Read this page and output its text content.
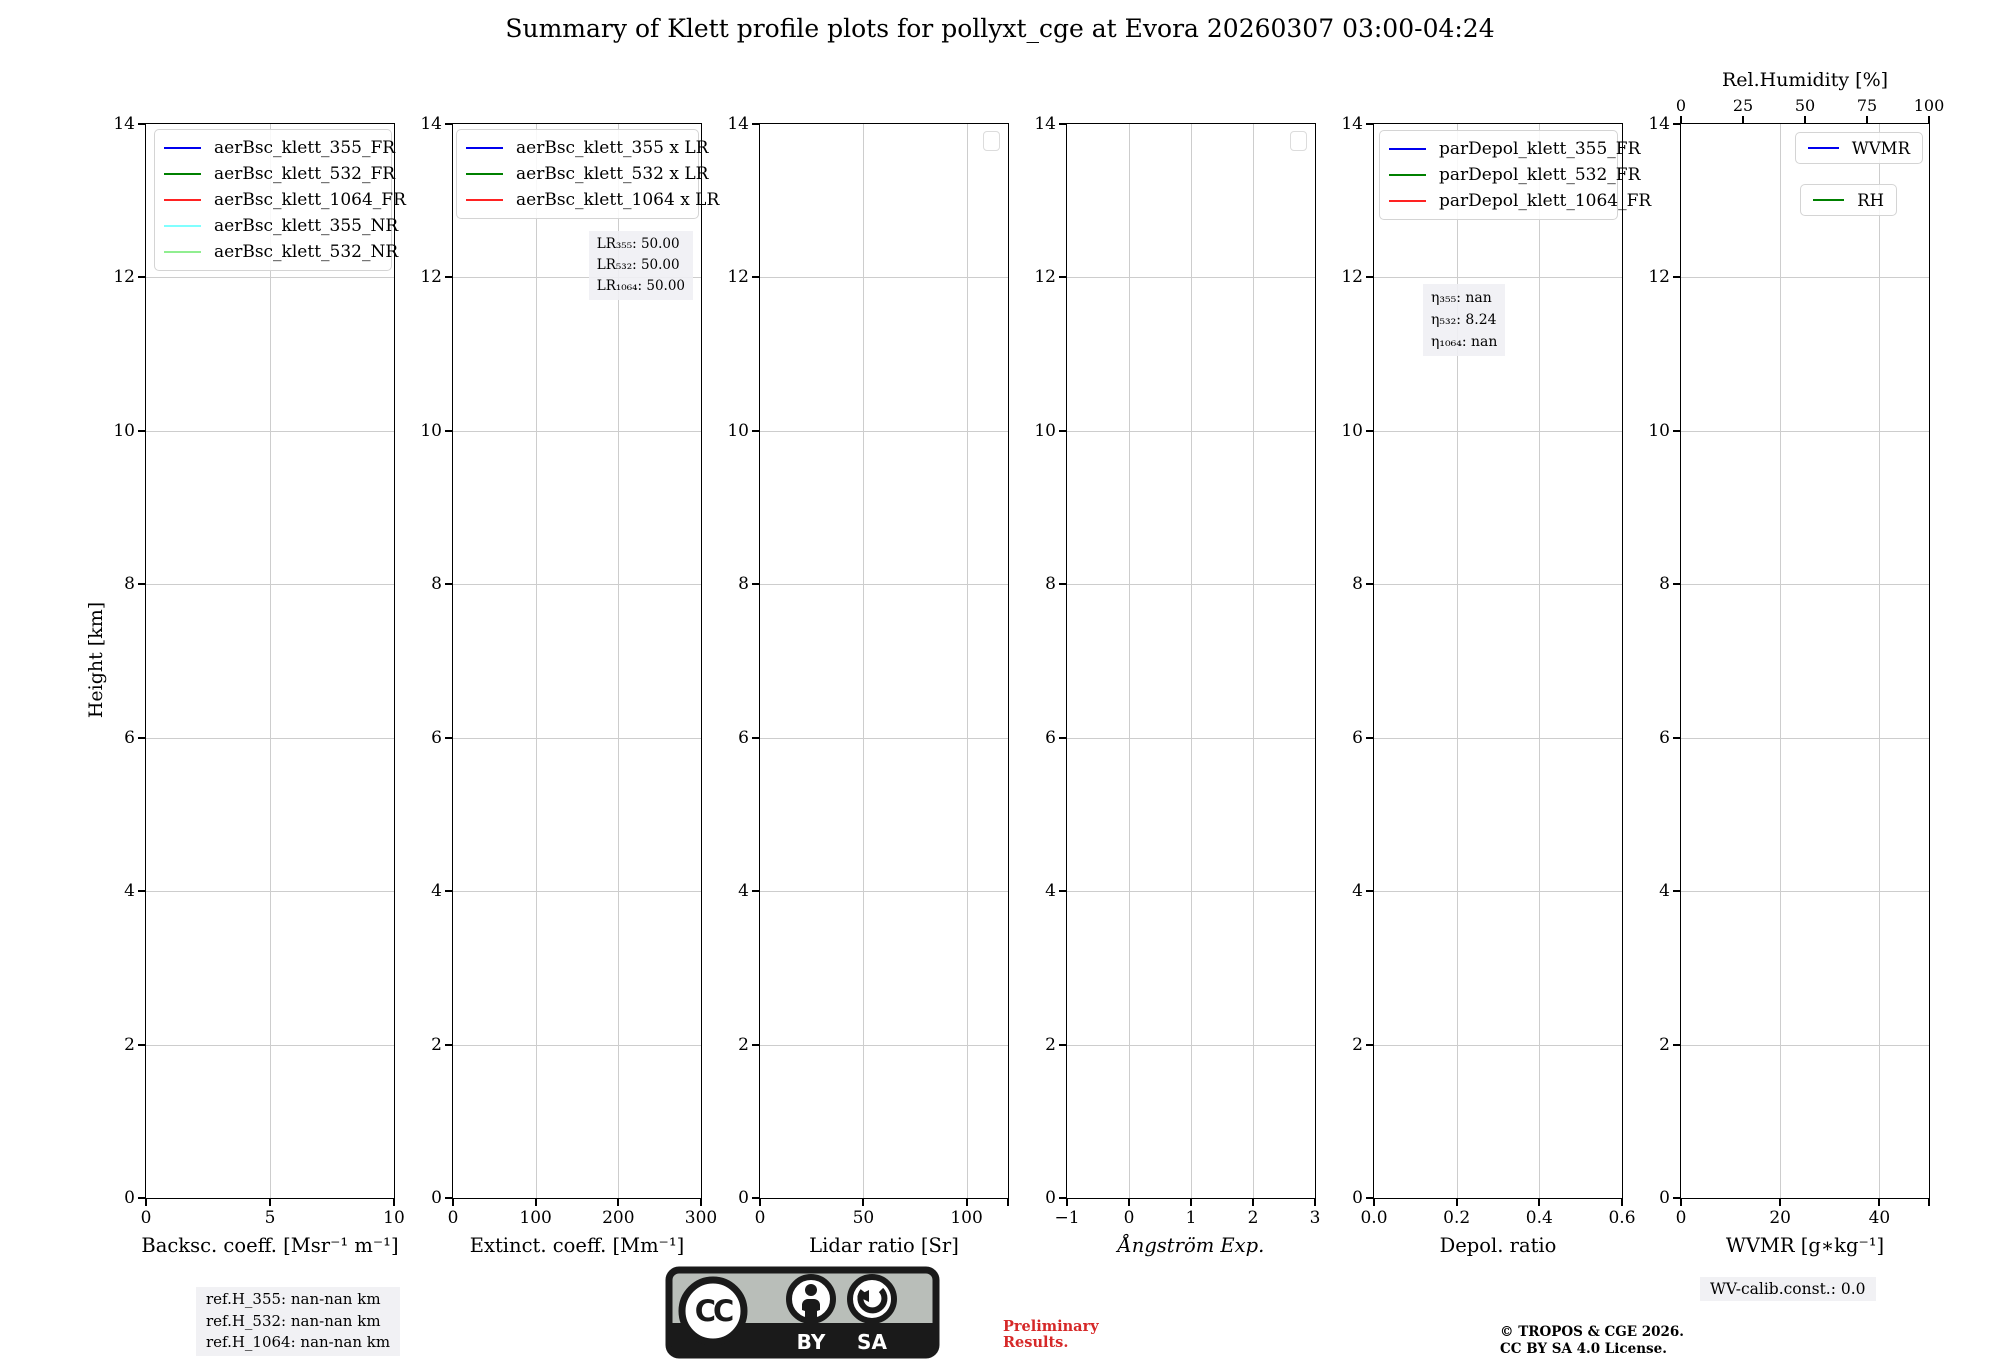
Summary of Klett profile plots for pollyxt_cge at Evora 20260307 03:00-04:24
Height [km]
aerBsc_klett_355_FR
aerBsc_klett_532_FR
aerBsc_klett_1064_FR
aerBsc_klett_355_NR
aerBsc_klett_532_NR
Backsc. coeff. [Msr⁻¹ m⁻¹]
14
12
10
8
6
4
2
0
0	5	10
aerBsc_klett_355 x LR
aerBsc_klett_532 x LR
aerBsc_klett_1064 x LR
LR₃₅₅: 50.00
LR₅₃₂: 50.00
LR₁₀₆₄: 50.00
Extinct. coeff. [Mm⁻¹]
14
12
10
8
6
4
2
0
0	100	200	300
Lidar ratio [Sr]
14
12
10
8
6
4
2
0
0	50	100
Ångström Exp.
14
12
10
8
6
4
2
0
−1	0	1	2	3
parDepol_klett_355_FR
parDepol_klett_532_FR
parDepol_klett_1064_FR
η₃₅₅: nan
η₅₃₂: 8.24
η₁₀₆₄: nan
Depol. ratio
14
12
10
8
6
4
2
0
0.0	0.2	0.4	0.6
Rel.Humidity [%]
WVMR
RH
WVMR [g∗kg⁻¹]
14
12
10
8
6
4
2
0
0	20	40
0	25	50	75 100
ref.H_355: nan-nan km
ref.H_532: nan-nan km
ref.H_1064: nan-nan km
WV-calib.const.: 0.0
Preliminary
Results.
© TROPOS & CGE 2026.
CC BY SA 4.0 License.
CC
BY SA
